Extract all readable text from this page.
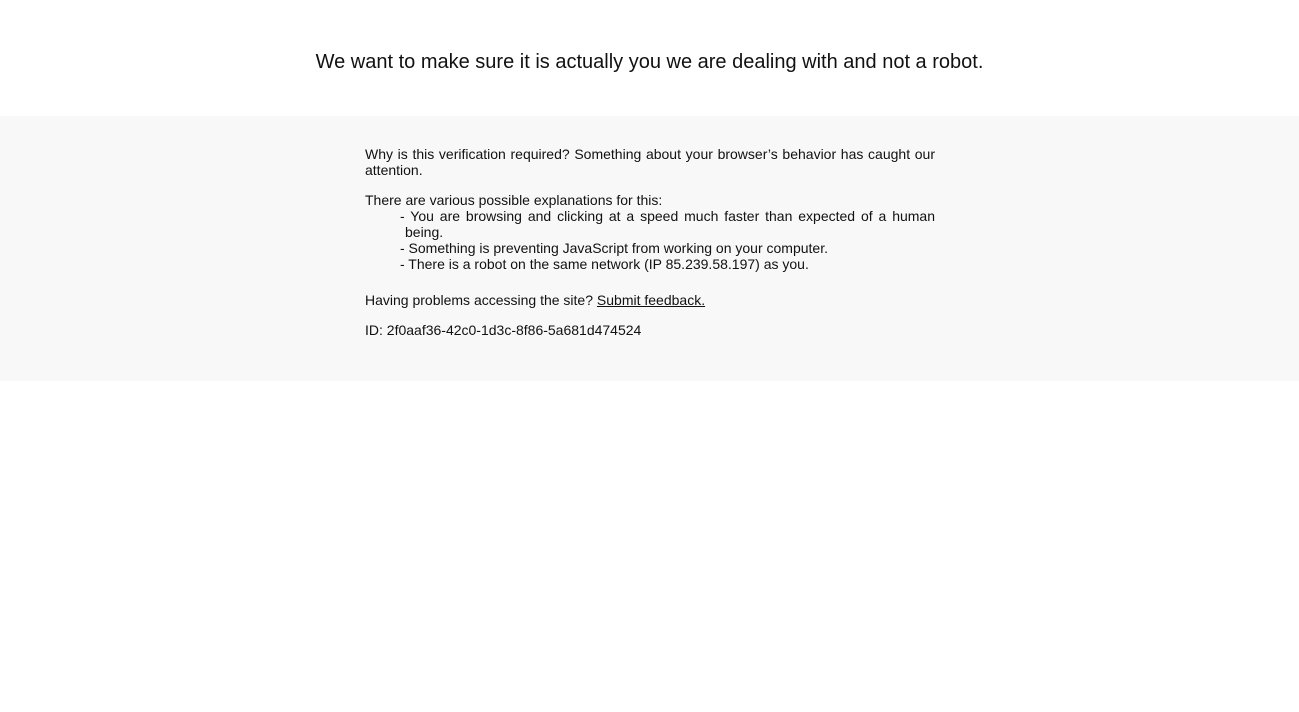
We want to make sure it is actually you we are dealing with and not a robot.

Why is this verification required? Something about your browser’s behavior has caught our attention.

There are various possible explanations for this:

- You are browsing and clicking at a speed much faster than expected of a human being.
- Something is preventing JavaScript from working on your computer.
- There is a robot on the same network (IP 85.239.58.197) as you.

Having problems accessing the site? Submit feedback.

ID: 2f0aaf36-42c0-1d3c-8f86-5a681d474524
